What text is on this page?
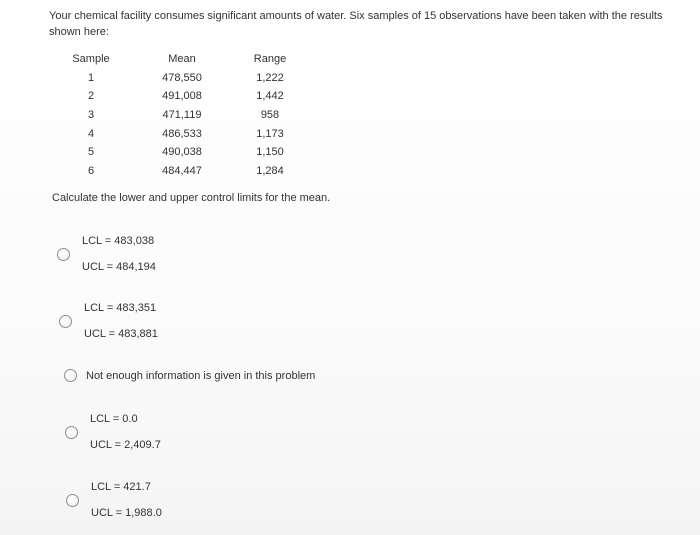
Your chemical facility consumes significant amounts of water. Six samples of 15 observations have been taken with the results shown here:
Sample	Mean	Range
1	478,550	1,222
2	491,008	1,442
3	471,119	958
4	486,533	1,173
5	490,038	1,150
6	484,447	1,284
Calculate the lower and upper control limits for the mean.
LCL = 483,038
UCL = 484,194
LCL = 483,351
UCL = 483,881
Not enough information is given in this problem
LCL = 0.0
UCL = 2,409.7
LCL = 421.7
UCL = 1,988.0
